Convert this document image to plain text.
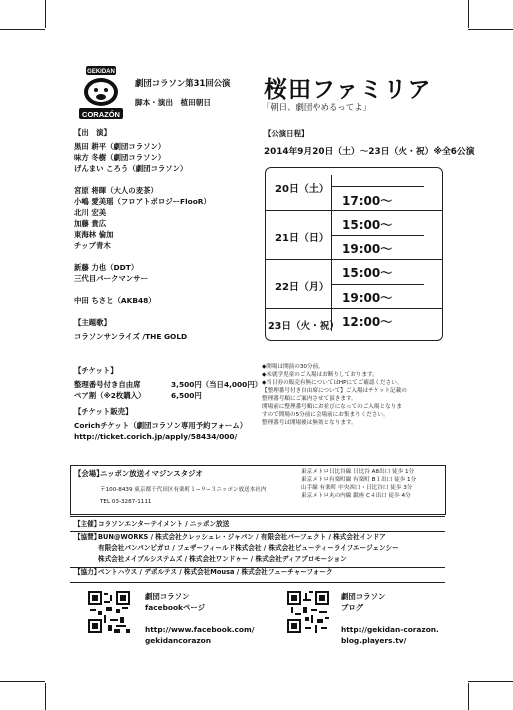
GEKIDAN
CORAZÓN
劇団コラソン第31回公演
脚本・演出　植田朝日 桜田ファミリア
「朝日、劇団やめるってよ」
【出　演】
黒田 耕平（劇団コラソン）
味方 冬樹（劇団コラソン）
げんまい ころう（劇団コラソン）
宮原 将暉（大人の麦茶）
小嶋 愛美瑶（フロアトポロジーFlooR）
北川 宏美
加藤 貴広
東海林 倫加
チップ青木
新藤 力也（DDT）
三代目パークマンサー
中田 ちさと（AKB48）
【主題歌】
コラソンサンライズ /THE GOLD
【公演日程】
2014年9月20日（土）〜23日（火・祝）※全6公演
20日（土）
17:00〜
21日（日）
15:00〜
19:00〜
22日（月）
15:00〜
19:00〜
23日（火・祝） 12:00〜
【チケット】
整理番号付き自由席	3,500円（当日4,000円）
ペア割（※2枚購入）	6,500円
【チケット販売】
Corichチケット（劇団コラソン専用予約フォーム）
http://ticket.corich.jp/apply/58434/000/
◆開場は開演の30分前。
◆未就学児童のご入場はお断りしております。
◆当日券の販売有無についてはHPにてご確認ください。
【整理番号付き自由席について】ご入場はチケット記載の
整理番号順にご案内させて頂きます。
開場前に整理番号順にお並びになってのご入場となりま
すので開場の5分前に会場前にお集まりください。
整理番号は開場後は無効となります。
【会場】
ニッポン放送イマジンスタジオ
〒100-8439 東京都千代田区有楽町１−９−３ニッポン放送本社内
TEL 03-3287-1111
東京メトロ日比谷線 日比谷 A8出口 徒歩 1分
東京メトロ有楽町線 有楽町 B１出口 徒歩 1分
山手線 有楽町 中央西口・日比谷口 徒歩 3分
東京メトロ丸の内線 銀座 C４出口 徒歩 4分
【主催】
コラソンエンターテイメント / ニッポン放送
【協賛】
BUN@WORKS / 株式会社クレッシェレ・ジャパン / 有限会社パーフェクト / 株式会社インドア
有限会社パンパンピガロ / フェザーフィールド株式会社 / 株式会社ビューティーライフエージェンシー
株式会社メイプルシステムズ / 株式会社ワンドゥー / 株式会社ディアプロモーション
【協力】
ベントハウス / デポルテス / 株式会社Mousa / 株式会社フューチャーフォーク
劇団コラソン
facebookページ
http://www.facebook.com/
gekidancorazon
劇団コラソン
ブログ
http://gekidan-corazon.
blog.players.tv/
